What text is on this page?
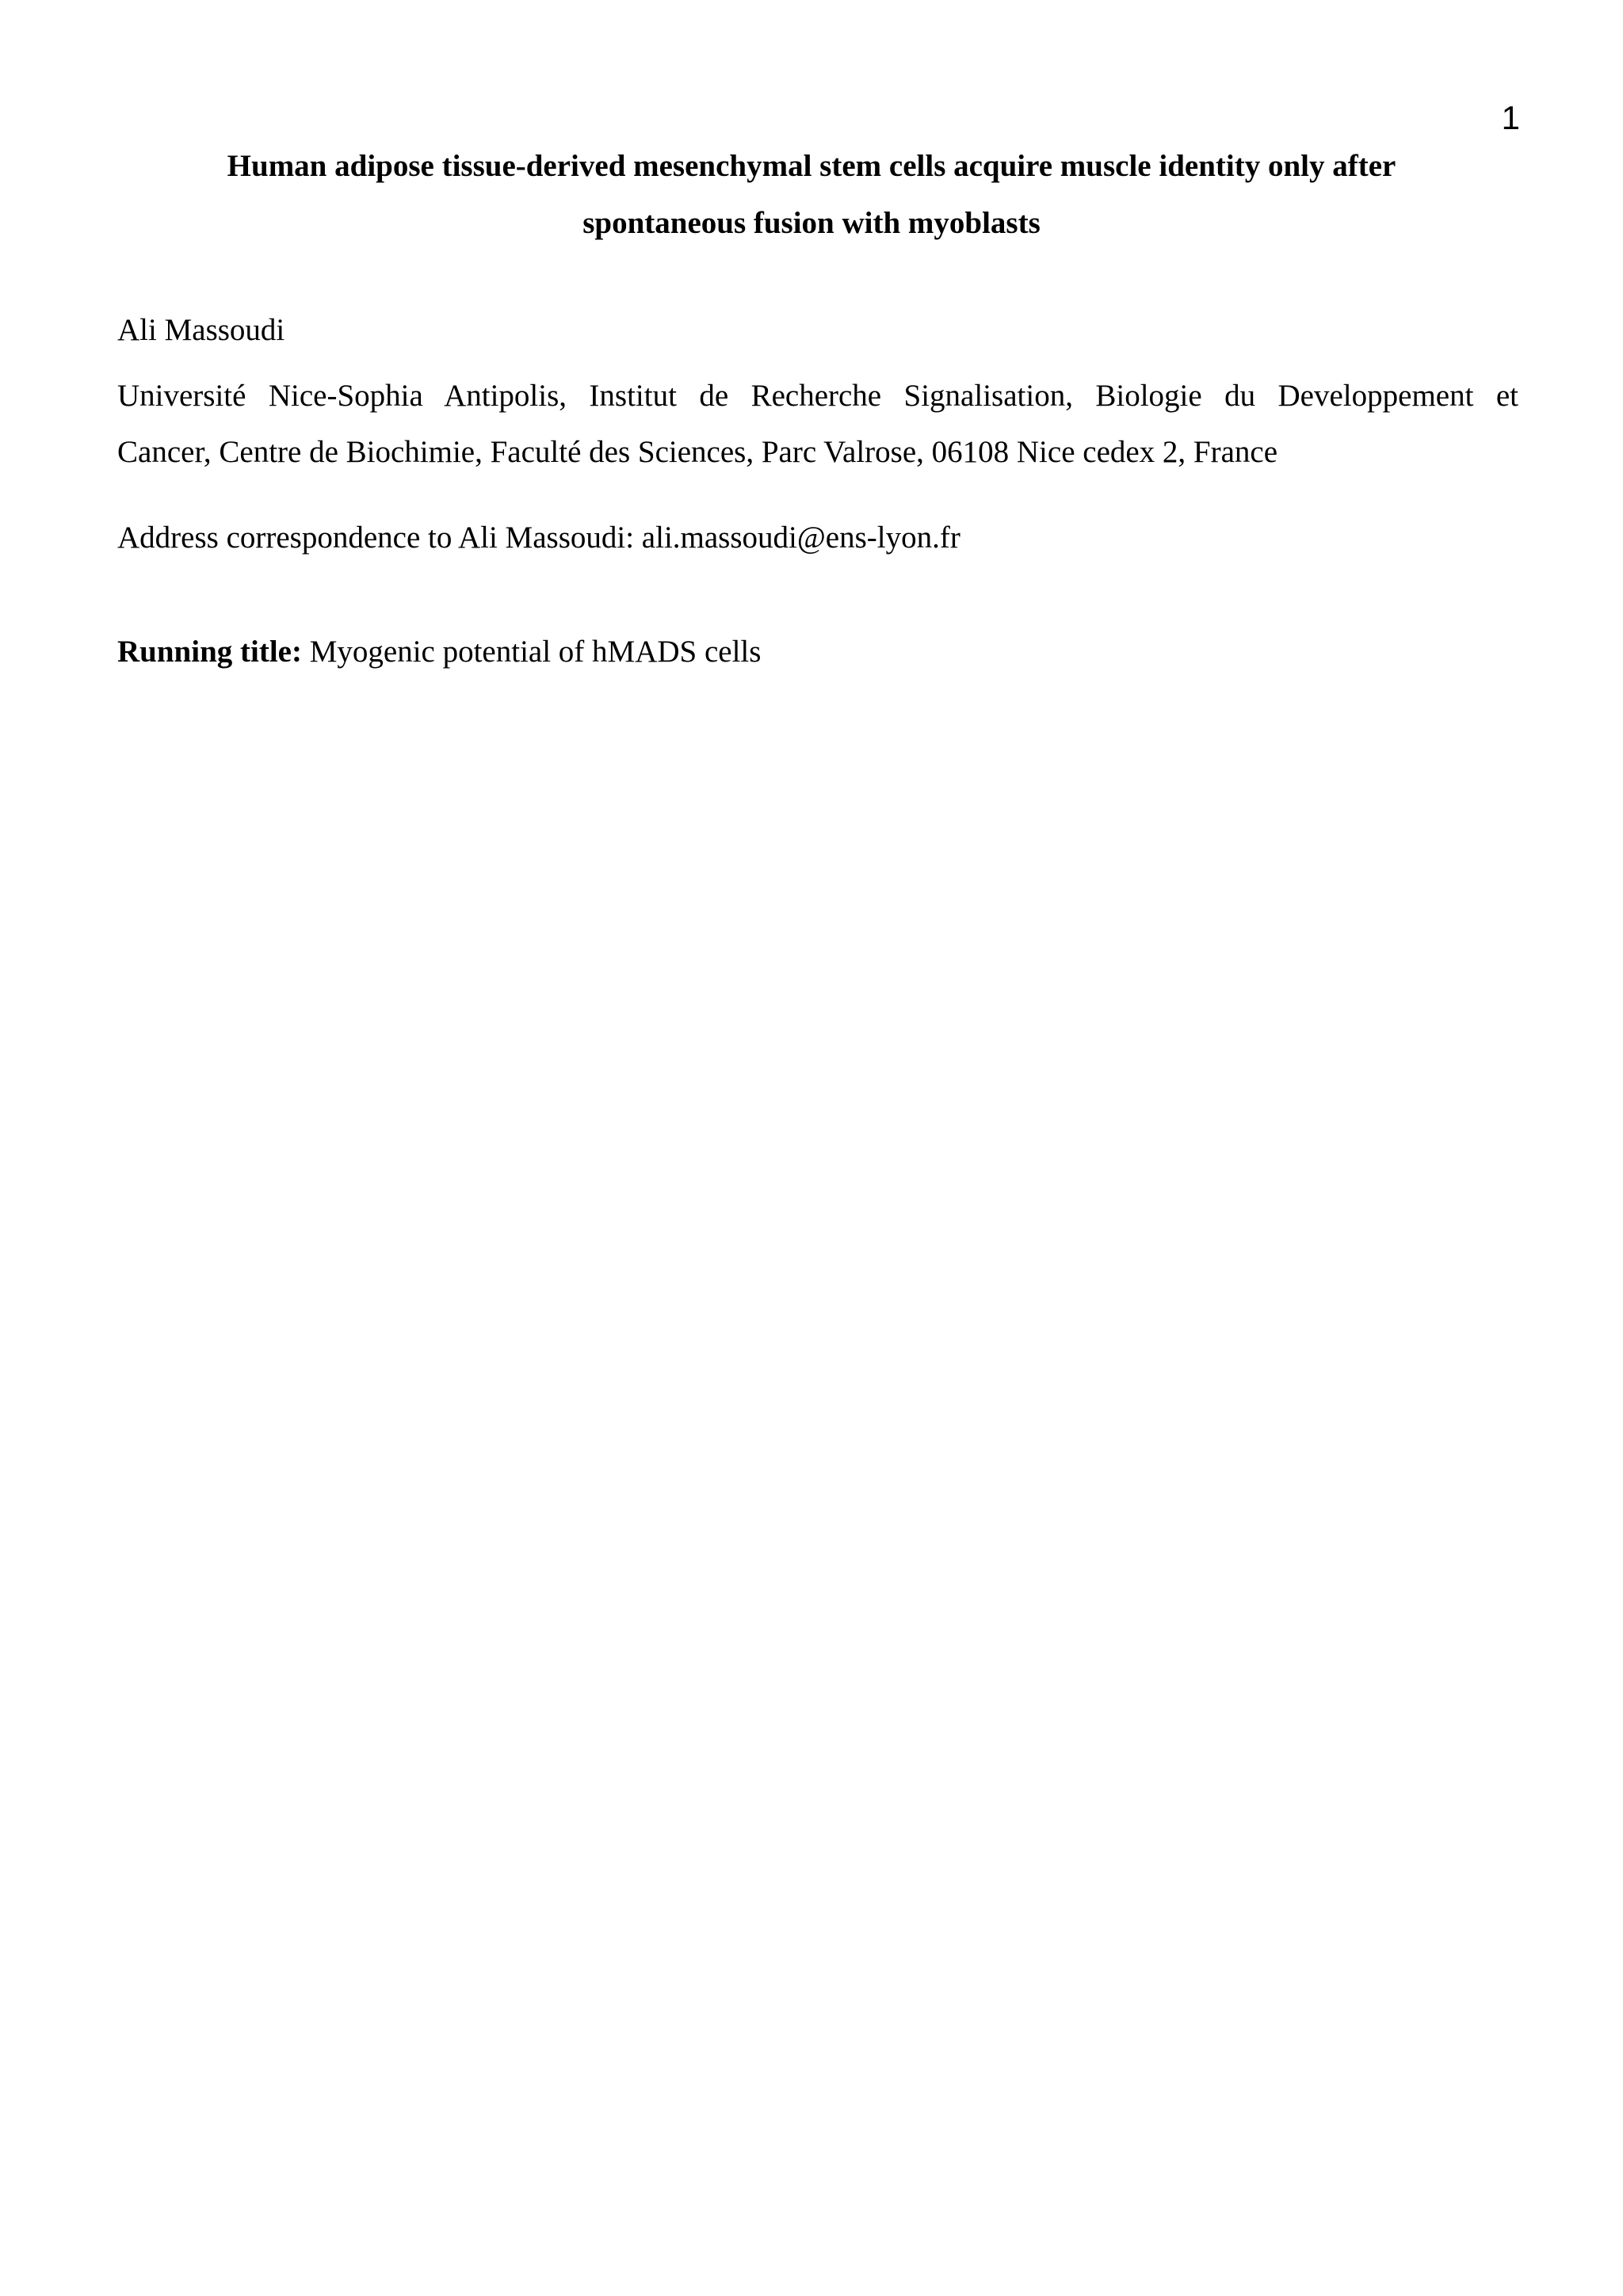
1
Human adipose tissue-derived mesenchymal stem cells acquire muscle identity only after
spontaneous fusion with myoblasts
Ali Massoudi
Université Nice-Sophia Antipolis, Institut de Recherche Signalisation, Biologie du Developpement et
Cancer, Centre de Biochimie, Faculté des Sciences, Parc Valrose, 06108 Nice cedex 2, France
Address correspondence to Ali Massoudi: ali.massoudi@ens-lyon.fr
Running title: Myogenic potential of hMADS cells
